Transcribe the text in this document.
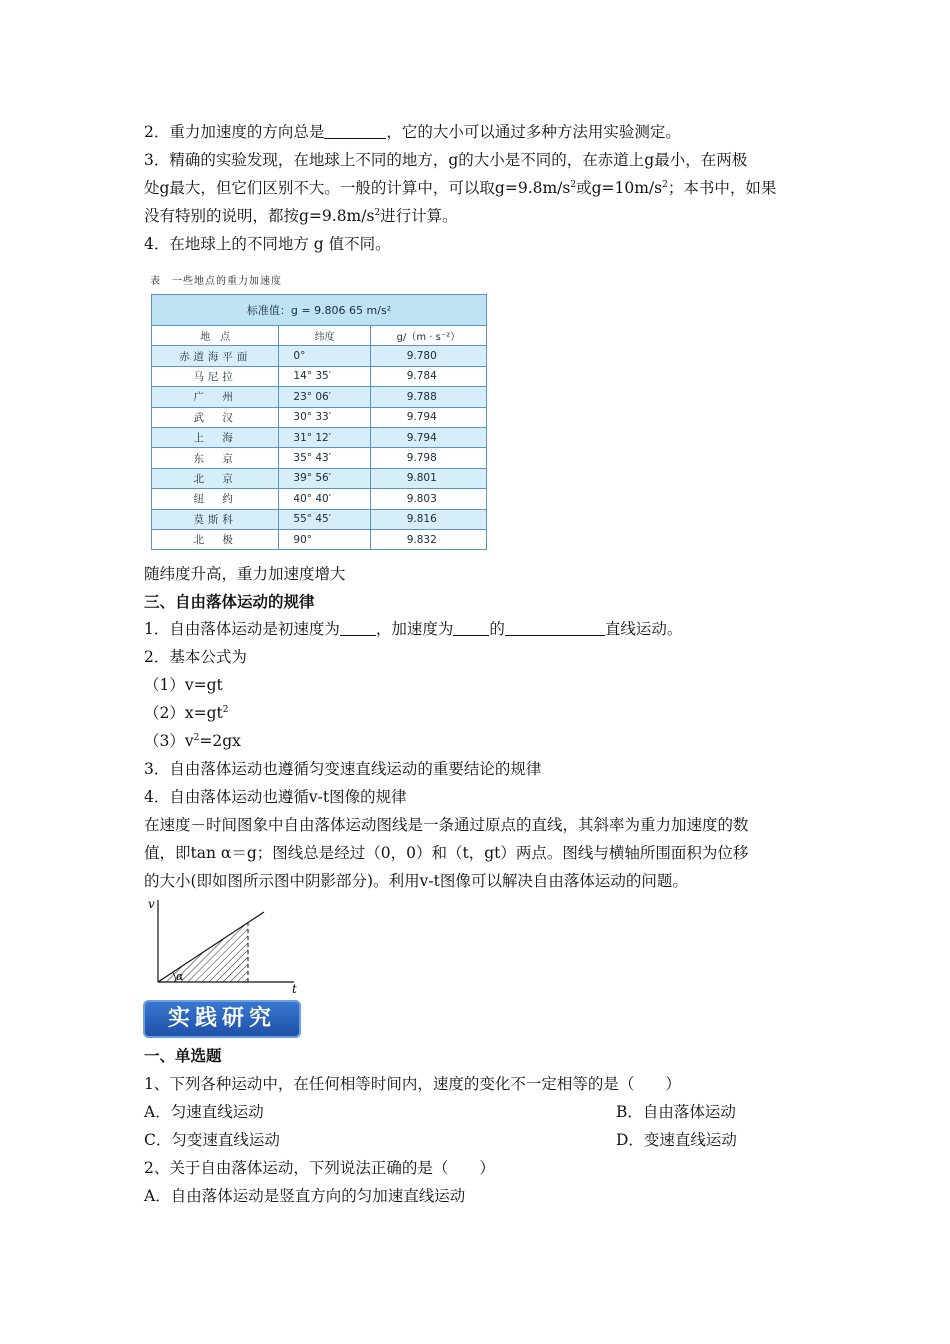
2．重力加速度的方向总是	，它的大小可以通过多种方法用实验测定。
3．精确的实验发现，在地球上不同的地方，g的大小是不同的，在赤道上g最小，在两极
处g最大，但它们区别不大。一般的计算中，可以取$g=9.8m/s^2$或$g=10m/s^2$；本书中，如果
没有特别的说明，都按$g=9.8m/s^2$进行计算。
4．在地球上的不同地方 g 值不同。
表　一些地点的重力加速度
标准值：g = 9.806 65 m/s²		
地　点	纬度	g/（m · s⁻²）
赤道海平面	0°	9.780
马尼拉	14° 35′	9.784
广　州	23° 06′	9.788
武　汉	30° 33′	9.794
上　海	31° 12′	9.794
东　京	35° 43′	9.798
北　京	39° 56′	9.801
纽　约	40° 40′	9.803
莫斯科	55° 45′	9.816
北　极	90°	9.832
随纬度升高，重力加速度增大
三、自由落体运动的规律
1．自由落体运动是初速度为 ，加速度为 的	直线运动。
2．基本公式为
（1）v=gt
$(2)x=gt^2$
$(3)v^2=2gx$
3．自由落体运动也遵循匀变速直线运动的重要结论的规律
4．自由落体运动也遵循v-t图像的规律
在速度－时间图象中自由落体运动图线是一条通过原点的直线，其斜率为重力加速度的数
值，即tan α＝g；图线总是经过（0，0）和（t，gt）两点。图线与横轴所围面积为位移
的大小(即如图所示图中阴影部分)。利用v-t图像可以解决自由落体运动的问题。
v
t
α
实践研究
一、单选题
1、下列各种运动中，在任何相等时间内，速度的变化不一定相等的是（　　）
A．匀速直线运动	B．自由落体运动
C．匀变速直线运动	D．变速直线运动
2、关于自由落体运动，下列说法正确的是（　　）
A．自由落体运动是竖直方向的匀加速直线运动
